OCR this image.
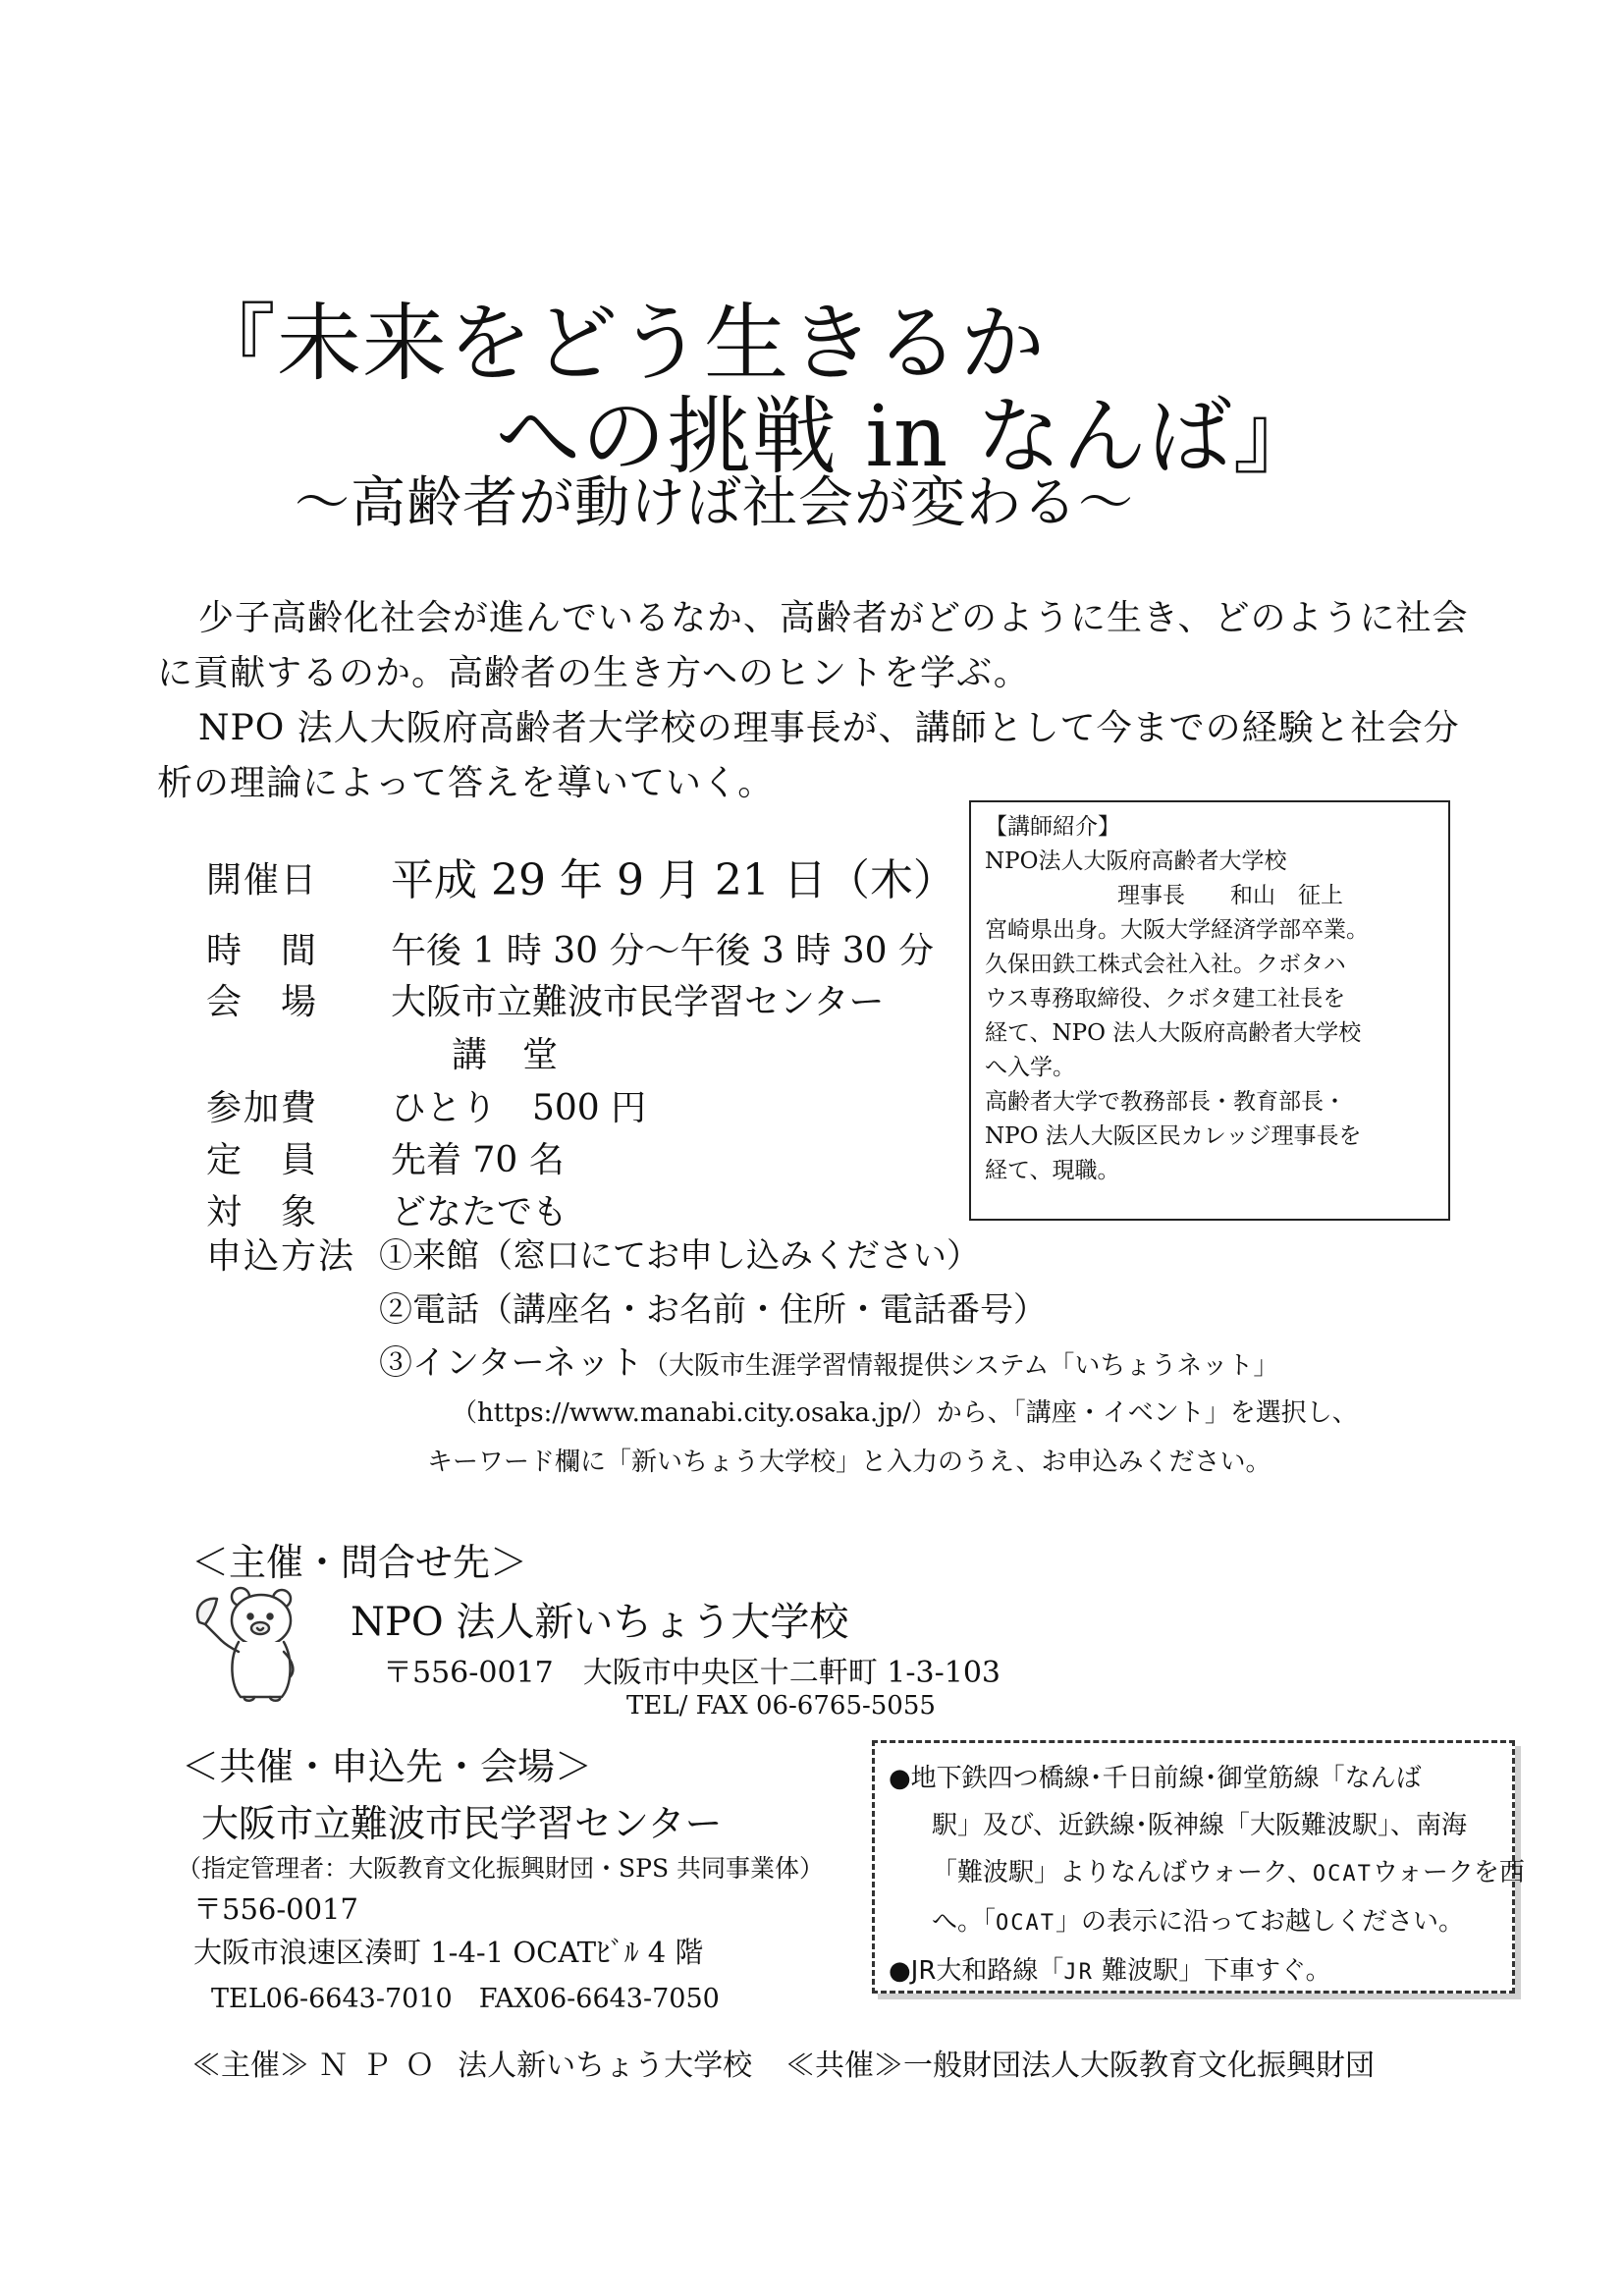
『未来をどう生きるか
への挑戦 in なんば』
～高齢者が動けば社会が変わる～

少子高齢化社会が進んでいるなか、高齢者がどのように生き、どのように社会に貢献するのか。高齢者の生き方へのヒントを学ぶ。

NPO 法人大阪府高齢者大学校の理事長が、講師として今までの経験と社会分析の理論によって答えを導いていく。

開催日	平成 29 年 9 月 21 日（木）
時　間	午後 1 時 30 分～午後 3 時 30 分
会　場	大阪市立難波市民学習センター
講　堂
参加費	ひとり　500 円
定　員	先着 70 名
対　象	どなたでも
申込方法 ①来館（窓口にてお申し込みください）
②電話（講座名・お名前・住所・電話番号）
③インターネット（大阪市生涯学習情報提供システム「いちょうネット」
（https://www.manabi.city.osaka.jp/）から、「講座・イベント」を選択し、
キーワード欄に「新いちょう大学校」と入力のうえ、お申込みください。
【講師紹介】
NPO法人大阪府高齢者大学校
理事長　　和山　征上
宮崎県出身。大阪大学経済学部卒業。
久保田鉄工株式会社入社。クボタハ
ウス専務取締役、クボタ建工社長を
経て、NPO 法人大阪府高齢者大学校
へ入学。
高齢者大学で教務部長・教育部長・
NPO 法人大阪区民カレッジ理事長を
経て、現職。
＜主催・問合せ先＞
NPO 法人新いちょう大学校
〒556-0017　大阪市中央区十二軒町 1-3-103
TEL/ FAX 06-6765-5055
＜共催・申込先・会場＞
大阪市立難波市民学習センター
（指定管理者：大阪教育文化振興財団・SPS 共同事業体）
〒556-0017
大阪市浪速区湊町 1-4-1 OCATﾋﾞﾙ 4 階
TEL06-6643-7010　 FAX06-6643-7050
●地下鉄四つ橋線･千日前線･御堂筋線「なんば
駅」及び、近鉄線･阪神線「大阪難波駅」、南海
「難波駅」よりなんばウォーク、OCATウォークを西
へ。「OCAT」の表示に沿ってお越しください。
●JR大和路線「JR 難波駅」下車すぐ。
≪主催≫ ＮＰＯ 法人新いちょう大学校 ≪共催≫一般財団法人大阪教育文化振興財団
